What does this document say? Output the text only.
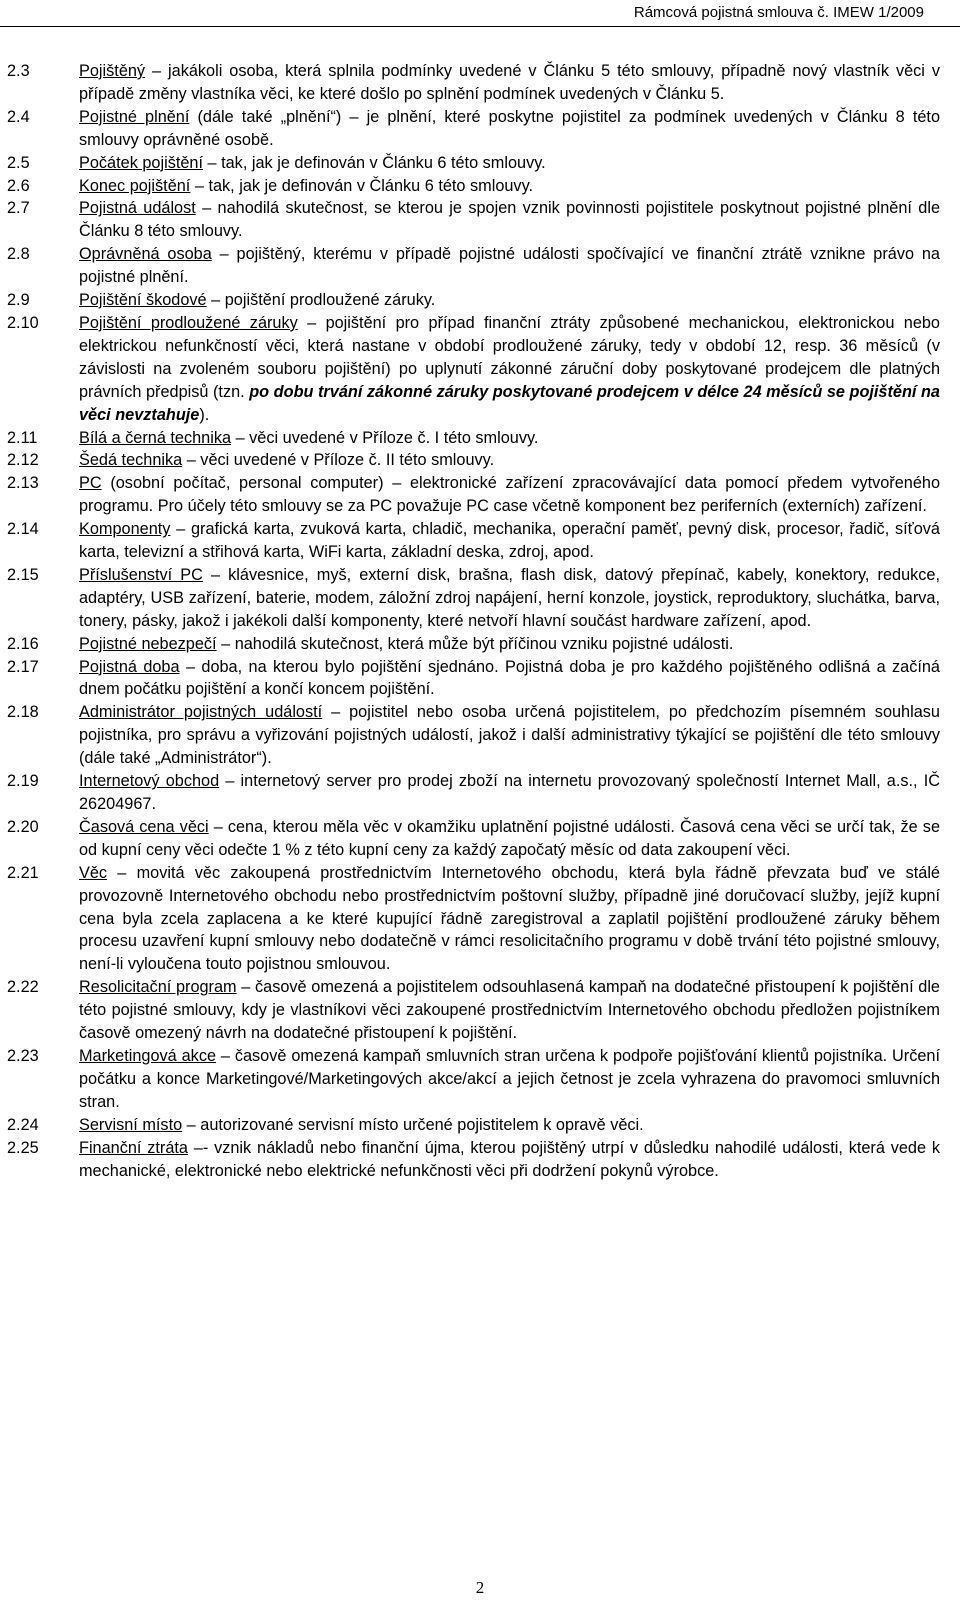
Rámcová pojistná smlouva č. IMEW 1/2009
2.3	Pojištěný – jakákoli osoba, která splnila podmínky uvedené v Článku 5 této smlouvy, případně nový vlastník věci v případě změny vlastníka věci, ke které došlo po splnění podmínek uvedených v Článku 5.
2.4	Pojistné plnění (dále také „plnění“) – je plnění, které poskytne pojistitel za podmínek uvedených v Článku 8 této smlouvy oprávněné osobě.
2.5	Počátek pojištění – tak, jak je definován v Článku 6 této smlouvy.
2.6	Konec pojištění – tak, jak je definován v Článku 6 této smlouvy.
2.7	Pojistná událost – nahodilá skutečnost, se kterou je spojen vznik povinnosti pojistitele poskytnout pojistné plnění dle Článku 8 této smlouvy.
2.8	Oprávněná osoba – pojištěný, kterému v případě pojistné události spočívající ve finanční ztrátě vznikne právo na pojistné plnění.
2.9	Pojištění škodové – pojištění prodloužené záruky.
2.10	Pojištění prodloužené záruky – pojištění pro případ finanční ztráty způsobené mechanickou, elektronickou nebo elektrickou nefunkčností věci, která nastane v období prodloužené záruky, tedy v období 12, resp. 36 měsíců (v závislosti na zvoleném souboru pojištění) po uplynutí zákonné záruční doby poskytované prodejcem dle platných právních předpisů (tzn. po dobu trvání zákonné záruky poskytované prodejcem v délce 24 měsíců se pojištění na věci nevztahuje).
2.11	Bílá a černá technika – věci uvedené v Příloze č. I této smlouvy.
2.12	Šedá technika – věci uvedené v Příloze č. II této smlouvy.
2.13	PC (osobní počítač, personal computer) – elektronické zařízení zpracovávající data pomocí předem vytvořeného programu. Pro účely této smlouvy se za PC považuje PC case včetně komponent bez periferních (externích) zařízení.
2.14	Komponenty – grafická karta, zvuková karta, chladič, mechanika, operační paměť, pevný disk, procesor, řadič, síťová karta, televizní a střihová karta, WiFi karta, základní deska, zdroj, apod.
2.15	Příslušenství PC – klávesnice, myš, externí disk, brašna, flash disk, datový přepínač, kabely, konektory, redukce, adaptéry, USB zařízení, baterie, modem, záložní zdroj napájení, herní konzole, joystick, reproduktory, sluchátka, barva, tonery, pásky, jakož i jakékoli další komponenty, které netvoří hlavní součást hardware zařízení, apod.
2.16	Pojistné nebezpečí – nahodilá skutečnost, která může být příčinou vzniku pojistné události.
2.17	Pojistná doba – doba, na kterou bylo pojištění sjednáno. Pojistná doba je pro každého pojištěného odlišná a začíná dnem počátku pojištění a končí koncem pojištění.
2.18	Administrátor pojistných událostí – pojistitel nebo osoba určená pojistitelem, po předchozím písemném souhlasu pojistníka, pro správu a vyřizování pojistných událostí, jakož i další administrativy týkající se pojištění dle této smlouvy (dále také „Administrátor“).
2.19	Internetový obchod – internetový server pro prodej zboží na internetu provozovaný společností Internet Mall, a.s., IČ 26204967.
2.20	Časová cena věci – cena, kterou měla věc v okamžiku uplatnění pojistné události. Časová cena věci se určí tak, že se od kupní ceny věci odečte 1 % z této kupní ceny za každý započatý měsíc od data zakoupení věci.
2.21	Věc – movitá věc zakoupená prostřednictvím Internetového obchodu, která byla řádně převzata buď ve stálé provozovně Internetového obchodu nebo prostřednictvím poštovní služby, případně jiné doručovací služby, jejíž kupní cena byla zcela zaplacena a ke které kupující řádně zaregistroval a zaplatil pojištění prodloužené záruky během procesu uzavření kupní smlouvy nebo dodatečně v rámci resolicitačního programu v době trvání této pojistné smlouvy, není-li vyloučena touto pojistnou smlouvou.
2.22	Resolicitační program – časově omezená a pojistitelem odsouhlasená kampaň na dodatečné přistoupení k pojištění dle této pojistné smlouvy, kdy je vlastníkovi věci zakoupené prostřednictvím Internetového obchodu předložen pojistníkem časově omezený návrh na dodatečné přistoupení k pojištění.
2.23	Marketingová akce – časově omezená kampaň smluvních stran určena k podpoře pojišťování klientů pojistníka. Určení počátku a konce Marketingové/Marketingových akce/akcí a jejich četnost je zcela vyhrazena do pravomoci smluvních stran.
2.24	Servisní místo – autorizované servisní místo určené pojistitelem k opravě věci.
2.25	Finanční ztráta –- vznik nákladů nebo finanční újma, kterou pojištěný utrpí v důsledku nahodilé události, která vede k mechanické, elektronické nebo elektrické nefunkčnosti věci při dodržení pokynů výrobce.
2
